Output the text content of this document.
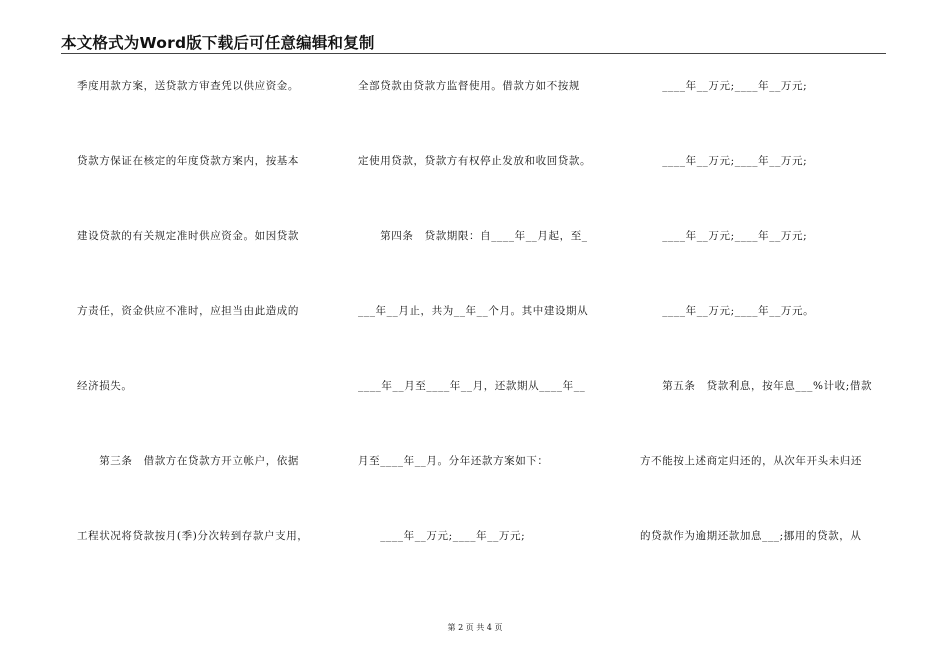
本文格式为Word版下载后可任意编辑和复制
季度用款方案，送贷款方审查凭以供应资金。
贷款方保证在核定的年度贷款方案内，按基本
建设贷款的有关规定准时供应资金。如因贷款
方责任，资金供应不准时，应担当由此造成的
经济损失。
　　第三条　借款方在贷款方开立帐户，依据
工程状况将贷款按月(季)分次转到存款户支用，
全部贷款由贷款方监督使用。借款方如不按规
定使用贷款，贷款方有权停止发放和收回贷款。
　　第四条　贷款期限：自____年__月起，至_
___年__月止，共为__年__个月。其中建设期从
____年__月至____年__月，还款期从____年__
月至____年__月。分年还款方案如下：
　　____年__万元;____年__万元;
　　____年__万元;____年__万元;
　　____年__万元;____年__万元;
　　____年__万元;____年__万元;
　　____年__万元;____年__万元。
　　第五条　贷款利息，按年息___%计收;借款
方不能按上述商定归还的，从次年开头未归还
的贷款作为逾期还款加息___;挪用的贷款，从
第 2 页 共 4 页
